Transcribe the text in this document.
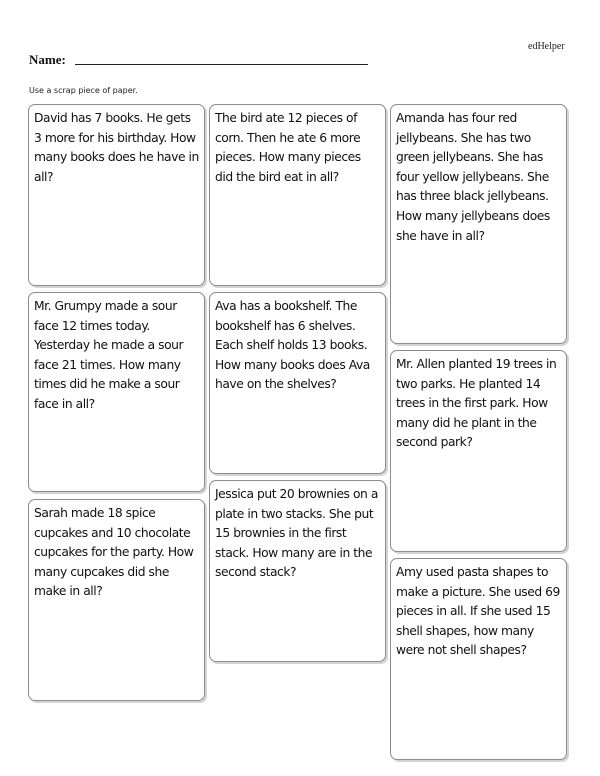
edHelper
Name:
Use a scrap piece of paper.

David has 7 books. He gets 3 more for his birthday. How many books does he have in all?

Mr. Grumpy made a sour face 12 times today. Yesterday he made a sour face 21 times. How many times did he make a sour face in all?

Sarah made 18 spice cupcakes and 10 chocolate cupcakes for the party. How many cupcakes did she make in all?

The bird ate 12 pieces of corn. Then he ate 6 more pieces. How many pieces did the bird eat in all?

Ava has a bookshelf. The bookshelf has 6 shelves. Each shelf holds 13 books. How many books does Ava have on the shelves?

Jessica put 20 brownies on a plate in two stacks. She put 15 brownies in the first stack. How many are in the second stack?

Amanda has four red jellybeans. She has two green jellybeans. She has four yellow jellybeans. She has three black jellybeans. How many jellybeans does she have in all?

Mr. Allen planted 19 trees in two parks. He planted 14 trees in the first park. How many did he plant in the second park?

Amy used pasta shapes to make a picture. She used 69 pieces in all. If she used 15 shell shapes, how many were not shell shapes?
